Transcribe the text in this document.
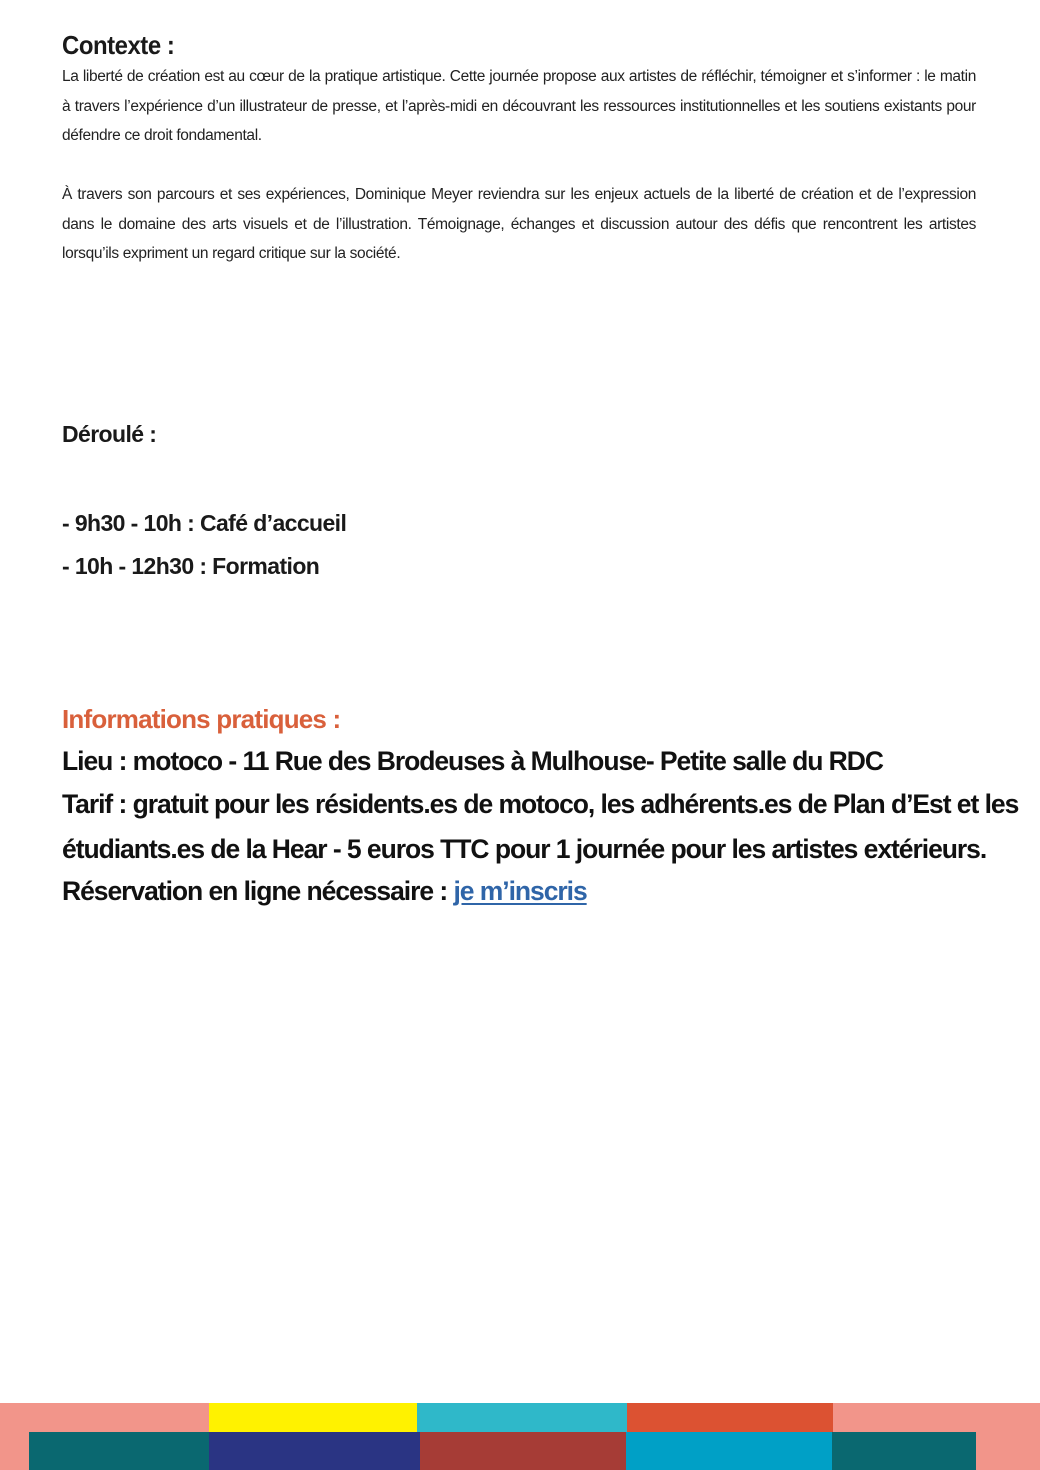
Contexte :

La liberté de création est au cœur de la pratique artistique. Cette journée propose aux artistes de réfléchir, témoigner et s’informer : le matin à travers l’expérience d’un illustrateur de presse, et l’après-midi en découvrant les ressources institutionnelles et les soutiens existants pour défendre ce droit fondamental.

À travers son parcours et ses expériences, Dominique Meyer reviendra sur les enjeux actuels de la liberté de création et de l’expression dans le domaine des arts visuels et de l’illustration. Témoignage, échanges et discussion autour des défis que rencontrent les artistes lorsqu’ils expriment un regard critique sur la société.

Déroulé :
- 9h30 - 10h : Café d’accueil
- 10h - 12h30 : Formation
Informations pratiques :

Lieu : motoco - 11 Rue des Brodeuses à Mulhouse- Petite salle du RDC

Tarif : gratuit pour les résidents.es de motoco, les adhérents.es de Plan d’Est et les

étudiants.es de la Hear - 5 euros TTC pour 1 journée pour les artistes extérieurs.

Réservation en ligne nécessaire : je m’inscris
